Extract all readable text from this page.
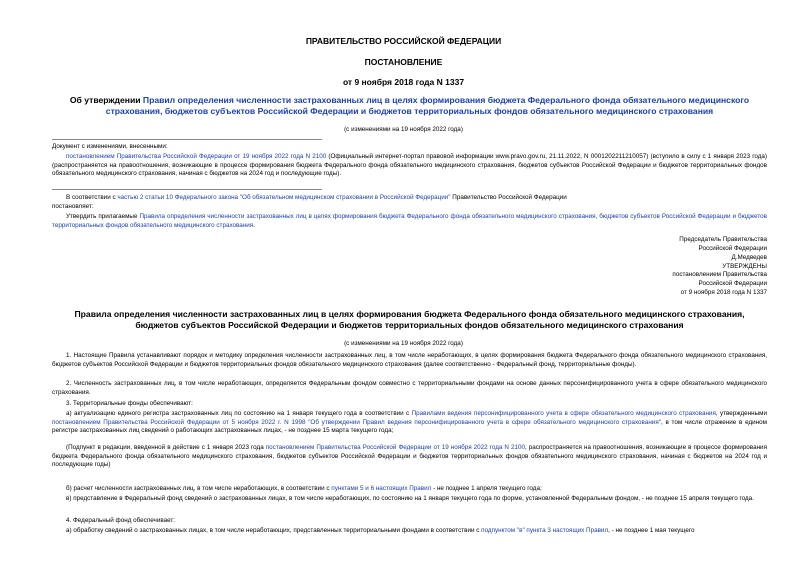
ПРАВИТЕЛЬСТВО РОССИЙСКОЙ ФЕДЕРАЦИИ
ПОСТАНОВЛЕНИЕ
от 9 ноября 2018 года N 1337
Об утверждении Правил определения численности застрахованных лиц в целях формирования бюджета Федерального фонда обязательного медицинского страхования, бюджетов субъектов Российской Федерации и бюджетов территориальных фондов обязательного медицинского страхования
(с изменениями на 19 ноября 2022 года)
Документ с изменениями, внесенными:
постановлением Правительства Российской Федерации от 19 ноября 2022 года N 2100 (Официальный интернет-портал правовой информации www.pravo.gov.ru, 21.11.2022, N 0001202211210057) (вступило в силу с 1 января 2023 года) (распространяется на правоотношения, возникающие в процессе формирования бюджета Федерального фонда обязательного медицинского страхования, бюджетов субъектов Российской Федерации и бюджетов территориальных фондов обязательного медицинского страхования, начиная с бюджетов на 2024 год и последующие годы).
В соответствии с частью 2 статьи 10 Федерального закона "Об обязательном медицинском страховании в Российской Федерации" Правительство Российской Федерации
постановляет:
Утвердить прилагаемые Правила определения численности застрахованных лиц в целях формирования бюджета Федерального фонда обязательного медицинского страхования, бюджетов субъектов Российской Федерации и бюджетов территориальных фондов обязательного медицинского страхования.
Председатель Правительства
Российской Федерации
Д.Медведев
УТВЕРЖДЕНЫ
постановлением Правительства
Российской Федерации
от 9 ноября 2018 года N 1337
Правила определения численности застрахованных лиц в целях формирования бюджета Федерального фонда обязательного медицинского страхования, бюджетов субъектов Российской Федерации и бюджетов территориальных фондов обязательного медицинского страхования
(с изменениями на 19 ноября 2022 года)
1. Настоящие Правила устанавливают порядок и методику определения численности застрахованных лиц, в том числе неработающих, в целях формирования бюджета Федерального фонда обязательного медицинского страхования, бюджетов субъектов Российской Федерации и бюджетов территориальных фондов обязательного медицинского страхования (далее соответственно - Федеральный фонд, территориальные фонды).
2. Численность застрахованных лиц, в том числе неработающих, определяется Федеральным фондом совместно с территориальными фондами на основе данных персонифицированного учета в сфере обязательного медицинского страхования.
3. Территориальные фонды обеспечивают:
а) актуализацию единого регистра застрахованных лиц по состоянию на 1 января текущего года в соответствии с Правилами ведения персонифицированного учета в сфере обязательного медицинского страхования, утвержденными постановлением Правительства Российской Федерации от 5 ноября 2022 г. N 1998 "Об утверждении Правил ведения персонифицированного учета в сфере обязательного медицинского страхования", в том числе отражение в едином регистре застрахованных лиц сведений о работающих застрахованных лицах, - не позднее 15 марта текущего года;
(Подпункт в редакции, введенной в действие с 1 января 2023 года постановлением Правительства Российской Федерации от 19 ноября 2022 года N 2100, распространяется на правоотношения, возникающие в процессе формирования бюджета Федерального фонда обязательного медицинского страхования, бюджетов субъектов Российской Федерации и бюджетов территориальных фондов обязательного медицинского страхования, начиная с бюджетов на 2024 год и последующие годы)
б) расчет численности застрахованных лиц, в том числе неработающих, в соответствии с пунктами 5 и 6 настоящих Правил - не позднее 1 апреля текущего года;
в) представление в Федеральный фонд сведений о застрахованных лицах, в том числе неработающих, по состоянию на 1 января текущего года по форме, установленной Федеральным фондом, - не позднее 15 апреля текущего года.
4. Федеральный фонд обеспечивает:
а) обработку сведений о застрахованных лицах, в том числе неработающих, представленных территориальными фондами в соответствии с подпунктом "в" пункта 3 настоящих Правил, - не позднее 1 мая текущего
